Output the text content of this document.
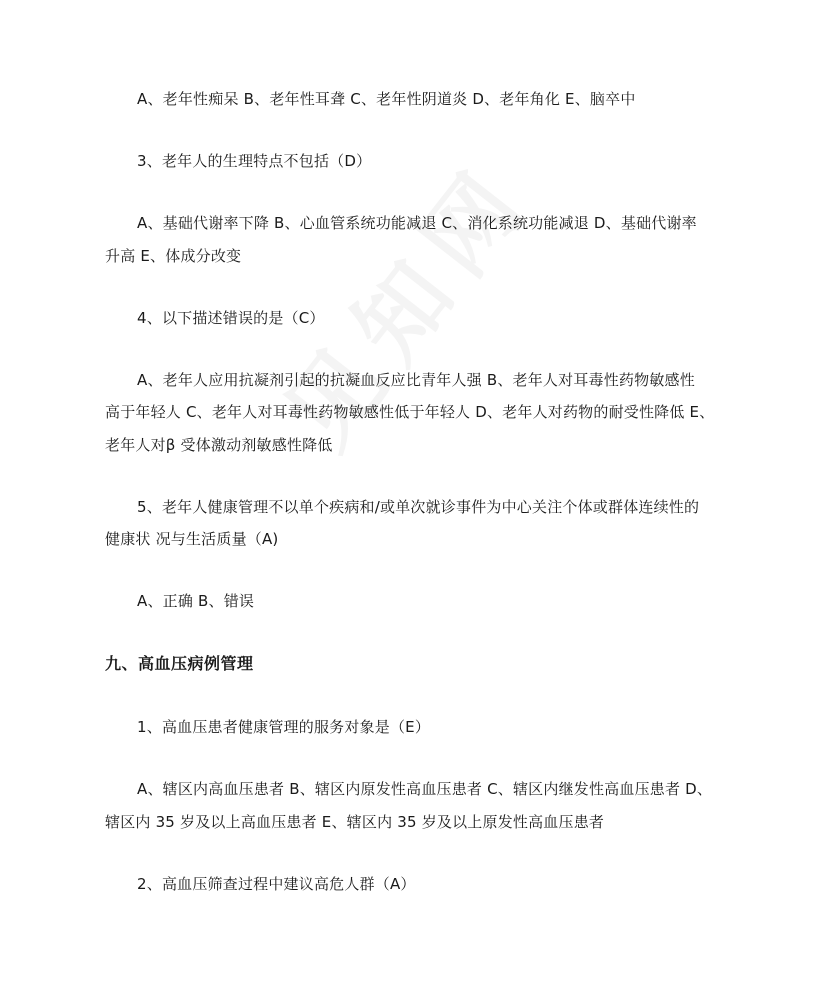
A、老年性痴呆 B、老年性耳聋 C、老年性阴道炎 D、老年角化 E、脑卒中
3、老年人的生理特点不包括（D）
A、基础代谢率下降 B、心血管系统功能减退 C、消化系统功能减退 D、基础代谢率
升高 E、体成分改变
4、以下描述错误的是（C）
A、老年人应用抗凝剂引起的抗凝血反应比青年人强 B、老年人对耳毒性药物敏感性
高于年轻人 C、老年人对耳毒性药物敏感性低于年轻人 D、老年人对药物的耐受性降低 E、
老年人对β 受体激动剂敏感性降低
5、老年人健康管理不以单个疾病和/或单次就诊事件为中心关注个体或群体连续性的
健康状 况与生活质量（A)
A、正确 B、错误
九、高血压病例管理
1、高血压患者健康管理的服务对象是（E）
A、辖区内高血压患者 B、辖区内原发性高血压患者 C、辖区内继发性高血压患者 D、
辖区内 35 岁及以上高血压患者 E、辖区内 35 岁及以上原发性高血压患者
2、高血压筛查过程中建议高危人群（A）
